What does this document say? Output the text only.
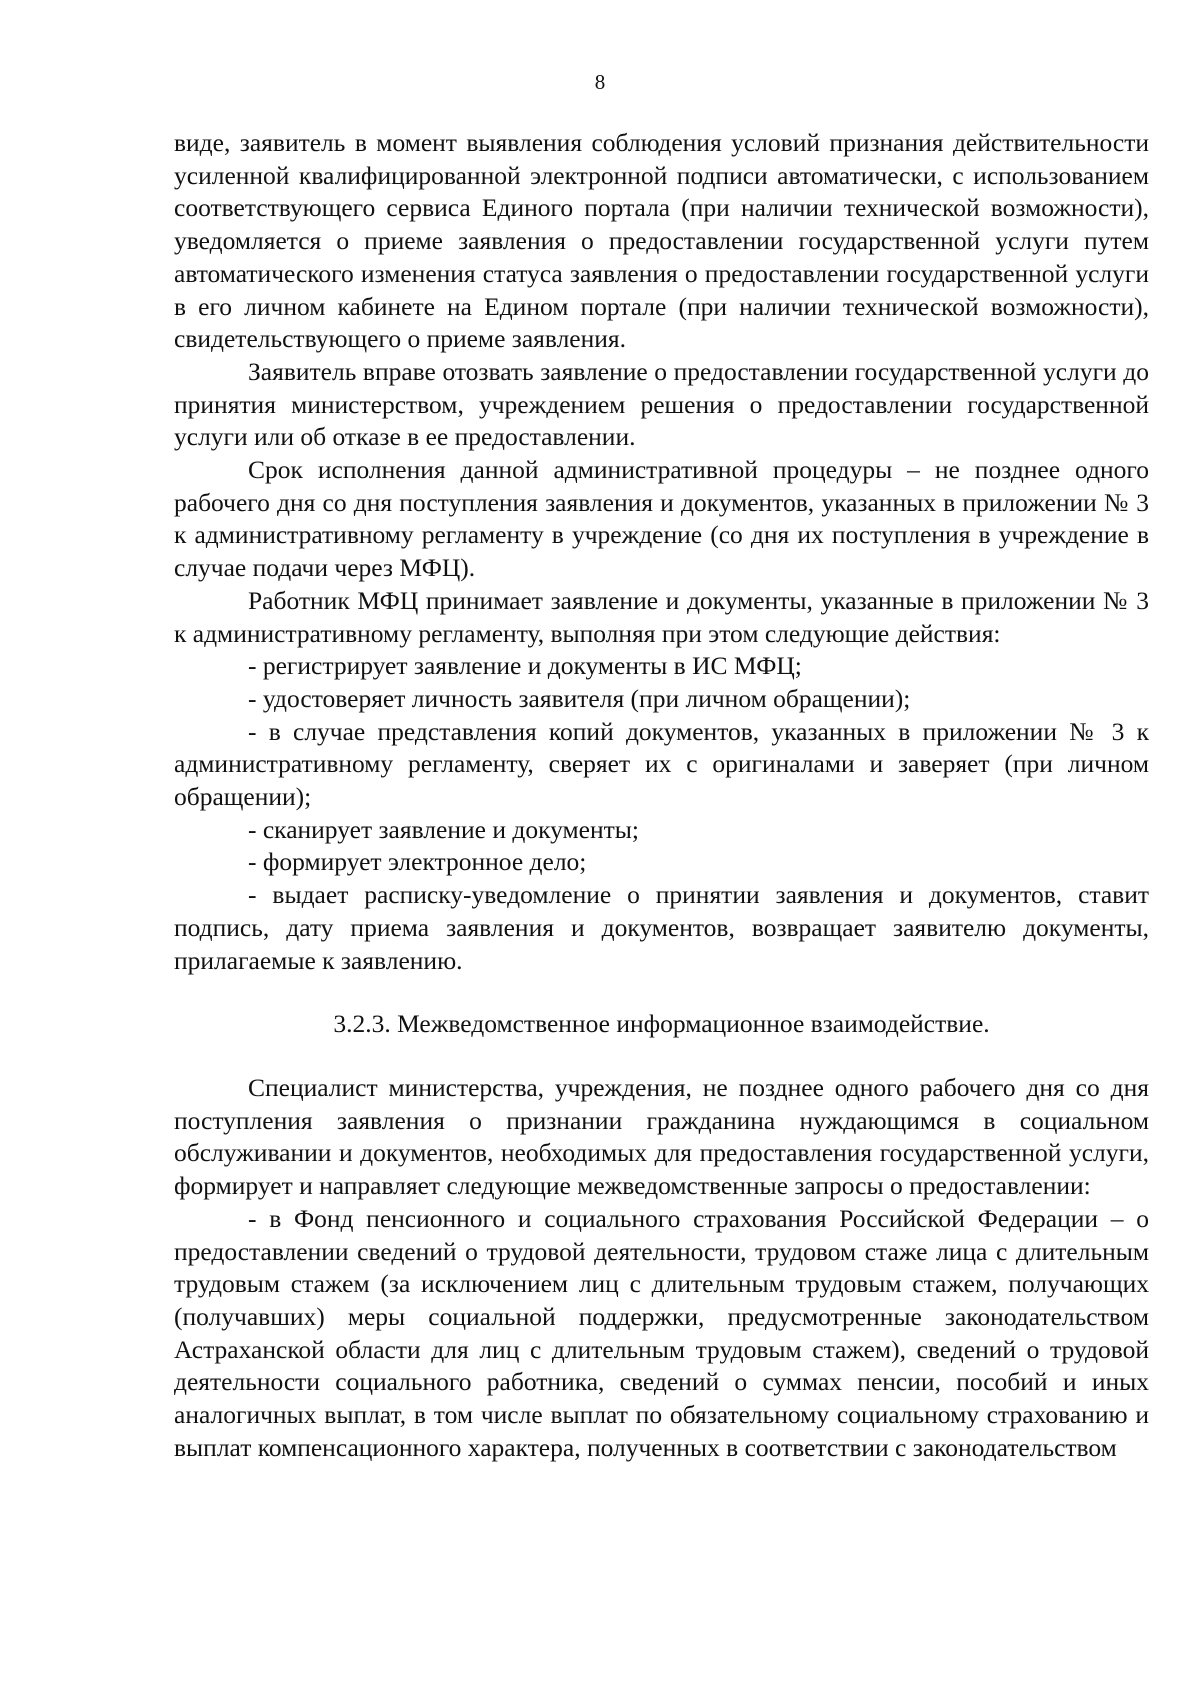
8

виде, заявитель в момент выявления соблюдения условий признания действительности усиленной квалифицированной электронной подписи автоматически, с использованием соответствующего сервиса Единого портала (при наличии технической возможности), уведомляется о приеме заявления о предоставлении государственной услуги путем автоматического изменения статуса заявления о предоставлении государственной услуги в его личном кабинете на Едином портале (при наличии технической возможности), свидетельствующего о приеме заявления.

Заявитель вправе отозвать заявление о предоставлении государственной услуги до принятия министерством, учреждением решения о предоставлении государственной услуги или об отказе в ее предоставлении.

Срок исполнения данной административной процедуры – не позднее одного рабочего дня со дня поступления заявления и документов, указанных в приложении № 3 к административному регламенту в учреждение (со дня их поступления в учреждение в случае подачи через МФЦ).

Работник МФЦ принимает заявление и документы, указанные в приложении № 3 к административному регламенту, выполняя при этом следующие действия:

- регистрирует заявление и документы в ИС МФЦ;

- удостоверяет личность заявителя (при личном обращении);

- в случае представления копий документов, указанных в приложении № 3 к административному регламенту, сверяет их с оригиналами и заверяет (при личном обращении);

- сканирует заявление и документы;

- формирует электронное дело;

- выдает расписку-уведомление о принятии заявления и документов, ставит подпись, дату приема заявления и документов, возвращает заявителю документы, прилагаемые к заявлению.

3.2.3. Межведомственное информационное взаимодействие.

Специалист министерства, учреждения, не позднее одного рабочего дня со дня поступления заявления о признании гражданина нуждающимся в социальном обслуживании и документов, необходимых для предоставления государственной услуги, формирует и направляет следующие межведомственные запросы о предоставлении:

- в Фонд пенсионного и социального страхования Российской Федерации – о предоставлении сведений о трудовой деятельности, трудовом стаже лица с длительным трудовым стажем (за исключением лиц с длительным трудовым стажем, получающих (получавших) меры социальной поддержки, предусмотренные законодательством Астраханской области для лиц с длительным трудовым стажем), сведений о трудовой деятельности социального работника, сведений о суммах пенсии, пособий и иных аналогичных выплат, в том числе выплат по обязательному социальному страхованию и выплат компенсационного характера, полученных в соответствии с законодательством
